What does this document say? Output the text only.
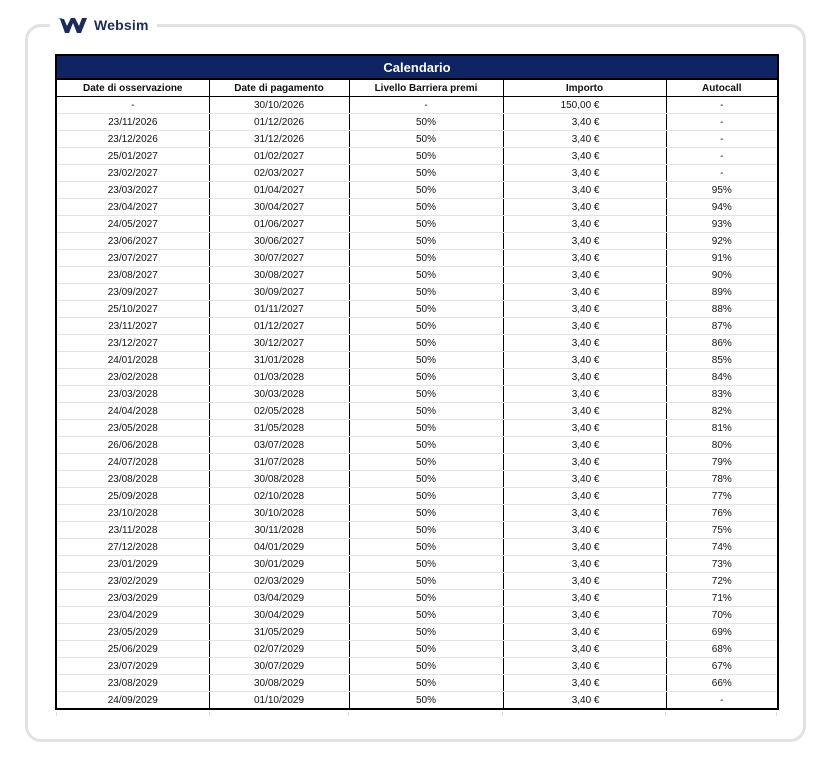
Websim
Calendario				
Date di osservazione	Date di pagamento	Livello Barriera premi	Importo	Autocall
-	30/10/2026	-	150,00 €	-
23/11/2026	01/12/2026	50%	3,40 €	-
23/12/2026	31/12/2026	50%	3,40 €	-
25/01/2027	01/02/2027	50%	3,40 €	-
23/02/2027	02/03/2027	50%	3,40 €	-
23/03/2027	01/04/2027	50%	3,40 €	95%
23/04/2027	30/04/2027	50%	3,40 €	94%
24/05/2027	01/06/2027	50%	3,40 €	93%
23/06/2027	30/06/2027	50%	3,40 €	92%
23/07/2027	30/07/2027	50%	3,40 €	91%
23/08/2027	30/08/2027	50%	3,40 €	90%
23/09/2027	30/09/2027	50%	3,40 €	89%
25/10/2027	01/11/2027	50%	3,40 €	88%
23/11/2027	01/12/2027	50%	3,40 €	87%
23/12/2027	30/12/2027	50%	3,40 €	86%
24/01/2028	31/01/2028	50%	3,40 €	85%
23/02/2028	01/03/2028	50%	3,40 €	84%
23/03/2028	30/03/2028	50%	3,40 €	83%
24/04/2028	02/05/2028	50%	3,40 €	82%
23/05/2028	31/05/2028	50%	3,40 €	81%
26/06/2028	03/07/2028	50%	3,40 €	80%
24/07/2028	31/07/2028	50%	3,40 €	79%
23/08/2028	30/08/2028	50%	3,40 €	78%
25/09/2028	02/10/2028	50%	3,40 €	77%
23/10/2028	30/10/2028	50%	3,40 €	76%
23/11/2028	30/11/2028	50%	3,40 €	75%
27/12/2028	04/01/2029	50%	3,40 €	74%
23/01/2029	30/01/2029	50%	3,40 €	73%
23/02/2029	02/03/2029	50%	3,40 €	72%
23/03/2029	03/04/2029	50%	3,40 €	71%
23/04/2029	30/04/2029	50%	3,40 €	70%
23/05/2029	31/05/2029	50%	3,40 €	69%
25/06/2029	02/07/2029	50%	3,40 €	68%
23/07/2029	30/07/2029	50%	3,40 €	67%
23/08/2029	30/08/2029	50%	3,40 €	66%
24/09/2029	01/10/2029	50%	3,40 €	-
